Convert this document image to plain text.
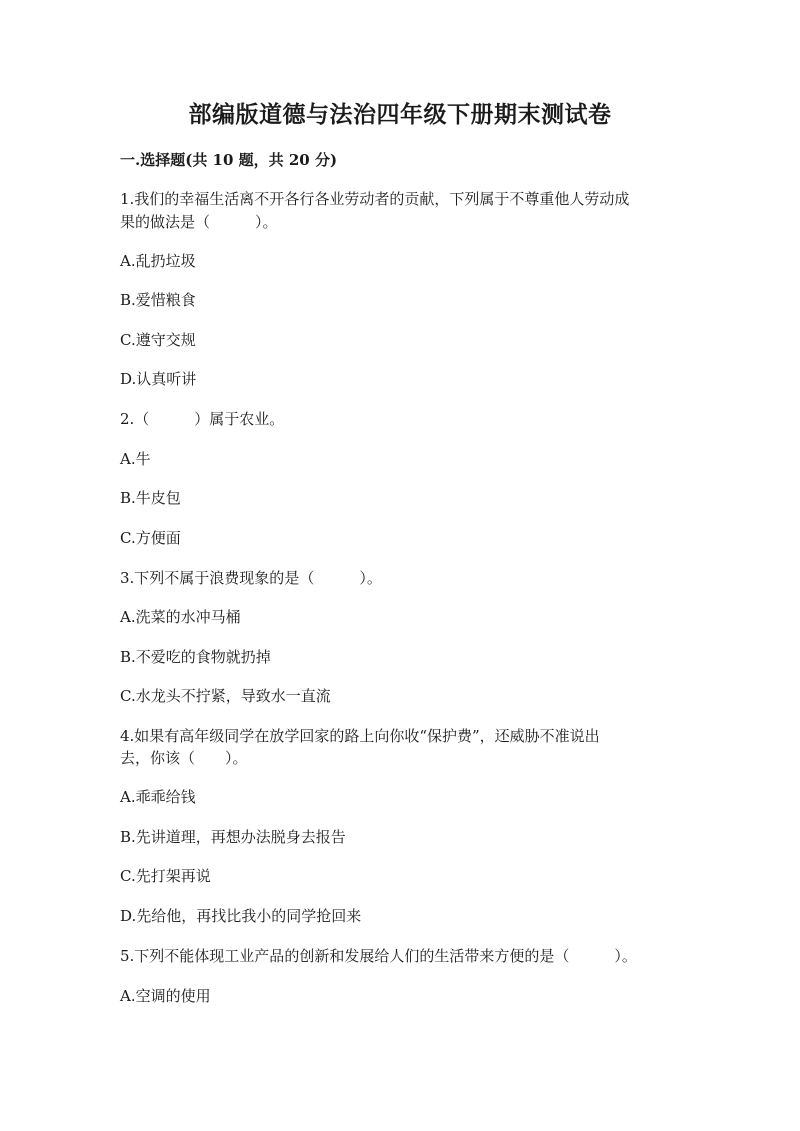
部编版道德与法治四年级下册期末测试卷
一.选择题(共 10 题，共 20 分)
1.我们的幸福生活离不开各行各业劳动者的贡献，下列属于不尊重他人劳动成
果的做法是（　　　）。
A.乱扔垃圾
B.爱惜粮食
C.遵守交规
D.认真听讲
2.（　　　）属于农业。
A.牛
B.牛皮包
C.方便面
3.下列不属于浪费现象的是（　　　）。
A.洗菜的水冲马桶
B.不爱吃的食物就扔掉
C.水龙头不拧紧，导致水一直流
4.如果有高年级同学在放学回家的路上向你收“保护费”，还威胁不准说出
去，你该（　　）。
A.乖乖给钱
B.先讲道理，再想办法脱身去报告
C.先打架再说
D.先给他，再找比我小的同学抢回来
5.下列不能体现工业产品的创新和发展给人们的生活带来方便的是（　　　）。
A.空调的使用
